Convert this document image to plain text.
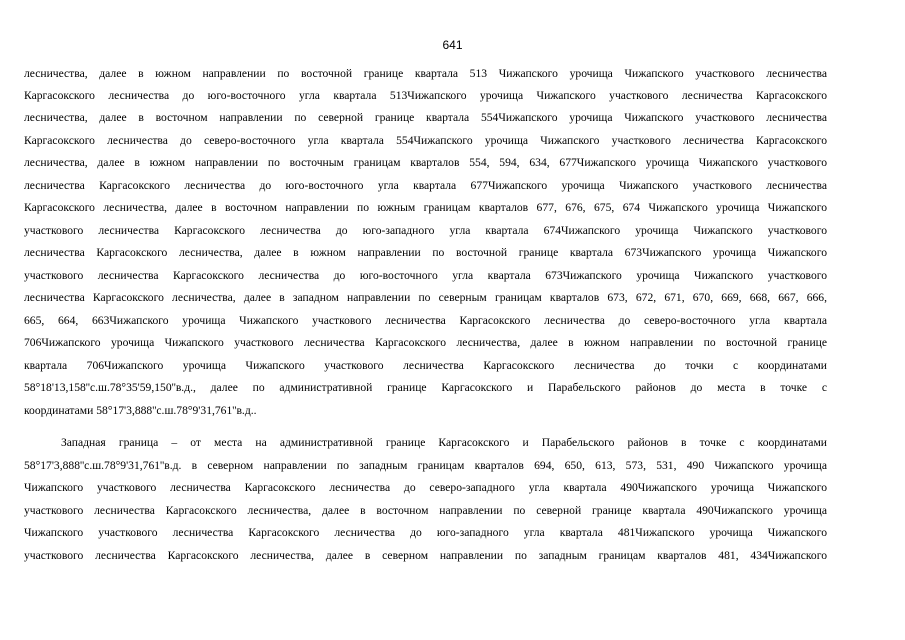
641
лесничества, далее в южном направлении по восточной границе квартала 513 Чижапского урочища Чижапского участкового лесничества
Каргасокского лесничества до юго-восточного угла квартала 513Чижапского урочища Чижапского участкового лесничества Каргасокского
лесничества, далее в восточном направлении по северной границе квартала 554Чижапского урочища Чижапского участкового лесничества
Каргасокского лесничества до северо-восточного угла квартала 554Чижапского урочища Чижапского участкового лесничества Каргасокского
лесничества, далее в южном направлении по восточным границам кварталов 554, 594, 634, 677Чижапского урочища Чижапского участкового
лесничества Каргасокского лесничества до юго-восточного угла квартала 677Чижапского урочища Чижапского участкового лесничества
Каргасокского лесничества, далее в восточном направлении по южным границам кварталов 677, 676, 675, 674 Чижапского урочища Чижапского
участкового лесничества Каргасокского лесничества до юго-западного угла квартала 674Чижапского урочища Чижапского участкового
лесничества Каргасокского лесничества, далее в южном направлении по восточной границе квартала 673Чижапского урочища Чижапского
участкового лесничества Каргасокского лесничества до юго-восточного угла квартала 673Чижапского урочища Чижапского участкового
лесничества Каргасокского лесничества, далее в западном направлении по северным границам кварталов 673, 672, 671, 670, 669, 668, 667, 666,
665, 664, 663Чижапского урочища Чижапского участкового лесничества Каргасокского лесничества до северо-восточного угла квартала
706Чижапского урочища Чижапского участкового лесничества Каргасокского лесничества, далее в южном направлении по восточной границе
квартала 706Чижапского урочища Чижапского участкового лесничества Каргасокского лесничества до точки с координатами
58°18'13,158''с.ш.78°35'59,150''в.д., далее по административной границе Каргасокского и Парабельского районов до места в точке с
координатами 58°17'3,888''с.ш.78°9'31,761''в.д..
Западная граница – от места на административной границе Каргасокского и Парабельского районов в точке с координатами
58°17'3,888''с.ш.78°9'31,761''в.д. в северном направлении по западным границам кварталов 694, 650, 613, 573, 531, 490 Чижапского урочища
Чижапского участкового лесничества Каргасокского лесничества до северо-западного угла квартала 490Чижапского урочища Чижапского
участкового лесничества Каргасокского лесничества, далее в восточном направлении по северной границе квартала 490Чижапского урочища
Чижапского участкового лесничества Каргасокского лесничества до юго-западного угла квартала 481Чижапского урочища Чижапского
участкового лесничества Каргасокского лесничества, далее в северном направлении по западным границам кварталов 481, 434Чижапского
